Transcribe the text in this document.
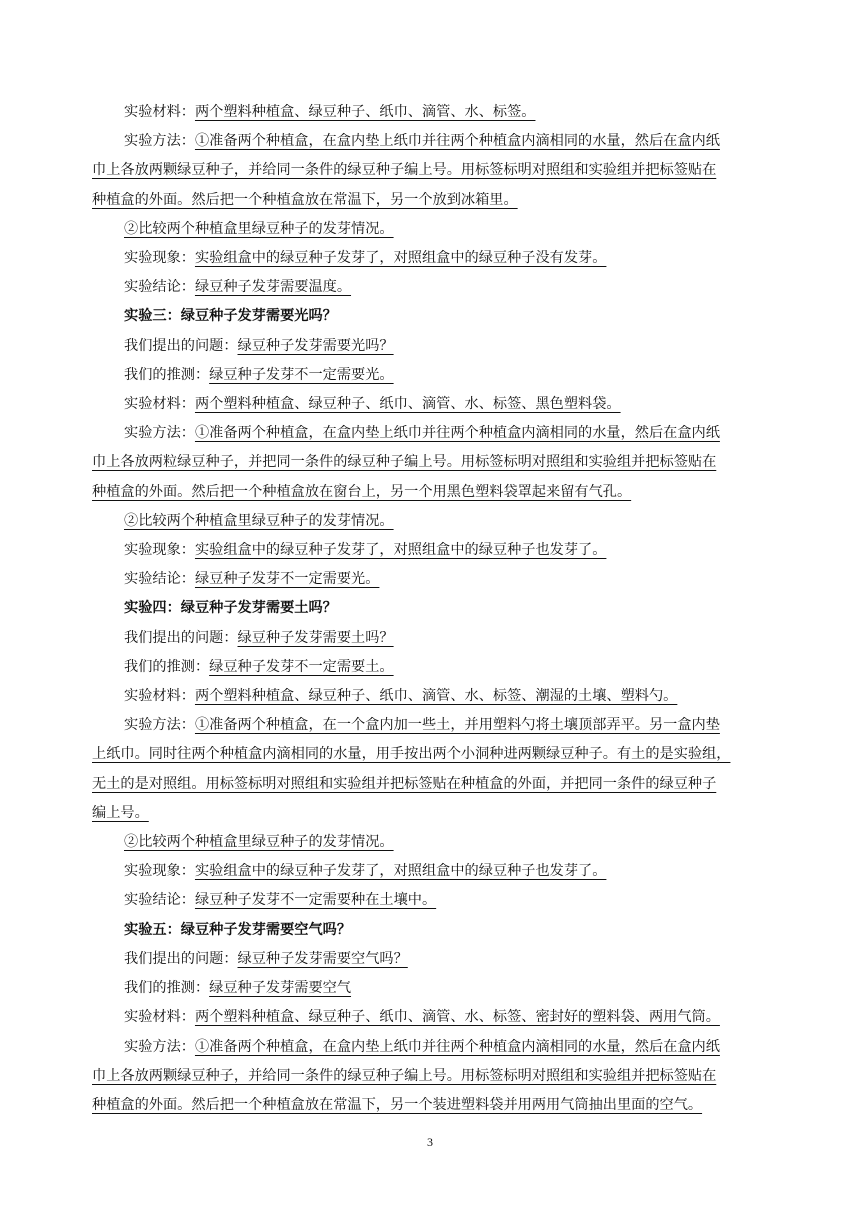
实验材料：两个塑料种植盒、绿豆种子、纸巾、滴管、水、标签。
实验方法：①准备两个种植盒，在盒内垫上纸巾并往两个种植盒内滴相同的水量，然后在盒内纸
巾上各放两颗绿豆种子，并给同一条件的绿豆种子编上号。用标签标明对照组和实验组并把标签贴在
种植盒的外面。然后把一个种植盒放在常温下，另一个放到冰箱里。
②比较两个种植盒里绿豆种子的发芽情况。
实验现象：实验组盒中的绿豆种子发芽了，对照组盒中的绿豆种子没有发芽。
实验结论：绿豆种子发芽需要温度。
实验三：绿豆种子发芽需要光吗？
我们提出的问题：绿豆种子发芽需要光吗？
我们的推测：绿豆种子发芽不一定需要光。
实验材料：两个塑料种植盒、绿豆种子、纸巾、滴管、水、标签、黑色塑料袋。
实验方法：①准备两个种植盒，在盒内垫上纸巾并往两个种植盒内滴相同的水量，然后在盒内纸
巾上各放两粒绿豆种子，并把同一条件的绿豆种子编上号。用标签标明对照组和实验组并把标签贴在
种植盒的外面。然后把一个种植盒放在窗台上，另一个用黑色塑料袋罩起来留有气孔。
②比较两个种植盒里绿豆种子的发芽情况。
实验现象：实验组盒中的绿豆种子发芽了，对照组盒中的绿豆种子也发芽了。
实验结论：绿豆种子发芽不一定需要光。
实验四：绿豆种子发芽需要土吗？
我们提出的问题：绿豆种子发芽需要土吗？
我们的推测：绿豆种子发芽不一定需要土。
实验材料：两个塑料种植盒、绿豆种子、纸巾、滴管、水、标签、潮湿的土壤、塑料勺。
实验方法：①准备两个种植盒，在一个盒内加一些土，并用塑料勺将土壤顶部弄平。另一盒内垫
上纸巾。同时往两个种植盒内滴相同的水量，用手按出两个小洞种进两颗绿豆种子。有土的是实验组，
无土的是对照组。用标签标明对照组和实验组并把标签贴在种植盒的外面，并把同一条件的绿豆种子
编上号。
②比较两个种植盒里绿豆种子的发芽情况。
实验现象：实验组盒中的绿豆种子发芽了，对照组盒中的绿豆种子也发芽了。
实验结论：绿豆种子发芽不一定需要种在土壤中。
实验五：绿豆种子发芽需要空气吗？
我们提出的问题：绿豆种子发芽需要空气吗？
我们的推测：绿豆种子发芽需要空气
实验材料：两个塑料种植盒、绿豆种子、纸巾、滴管、水、标签、密封好的塑料袋、两用气筒。
实验方法：①准备两个种植盒，在盒内垫上纸巾并往两个种植盒内滴相同的水量，然后在盒内纸
巾上各放两颗绿豆种子，并给同一条件的绿豆种子编上号。用标签标明对照组和实验组并把标签贴在
种植盒的外面。然后把一个种植盒放在常温下，另一个装进塑料袋并用两用气筒抽出里面的空气。
3
